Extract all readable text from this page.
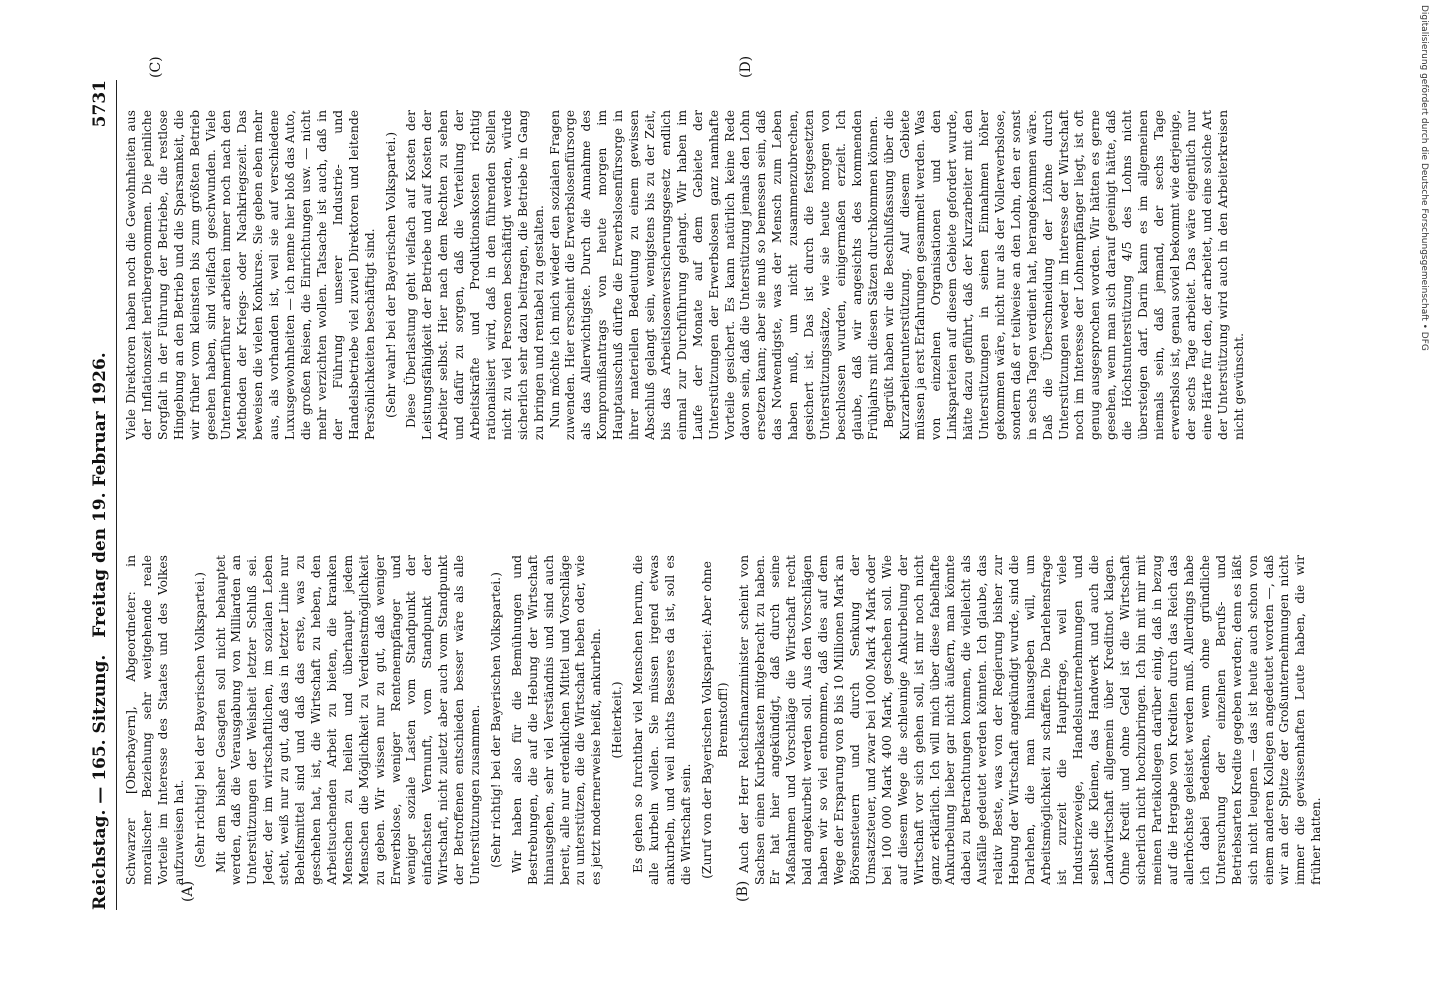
Reichstag. — 165. Sitzung.
Freitag den 19. Februar 1926.
5731
(A)	(B)
(C)	(D)

Schwarzer [Oberbayern], Abgeordneter: in moralischer Beziehung sehr weitgehende reale Vorteile im Interesse des Staates und des Volkes aufzuweisen hat. (Sehr richtig! bei der Bayerischen Volkspartei.) Mit dem bisher Gesagten soll nicht behauptet werden, daß die Verausgabung von Milliarden an Unterstützungen der Weisheit letzter Schluß sei. Jeder, der im wirtschaftlichen, im sozialen Leben steht, weiß nur zu gut, daß das in letzter Linie nur Behelfsmittel sind und daß das erste, was zu geschehen hat, ist, die Wirtschaft zu heben, den Arbeitsuchenden Arbeit zu bieten, die kranken Menschen zu heilen und überhaupt jedem Menschen die Möglichkeit zu Verdienstmöglichkeit zu geben. Wir wissen nur zu gut, daß weniger Erwerbslose, weniger Rentenempfänger und weniger soziale Lasten vom Standpunkt der einfachsten Vernunft, vom Standpunkt der Wirtschaft, nicht zuletzt aber auch vom Standpunkt der Betroffenen entschieden besser wäre als alle Unterstützungen zusammen. (Sehr richtig! bei der Bayerischen Volkspartei.) Wir haben also für die Bemühungen und Bestrebungen, die auf die Hebung der Wirtschaft hinausgehen, sehr viel Verständnis und sind auch bereit, alle nur erdenklichen Mittel und Vorschläge zu unterstützen, die die Wirtschaft heben oder, wie es jetzt modernerweise heißt, ankurbeln. (Heiterkeit.) Es gehen so furchtbar viel Menschen herum, die alle kurbeln wollen. Sie müssen irgend etwas ankurbeln, und weil nichts Besseres da ist, soll es die Wirtschaft sein. (Zuruf von der Bayerischen Volkspartei: Aber ohne Brennstoff!) Auch der Herr Reichsfinanzminister scheint von Sachsen einen Kurbelkasten mitgebracht zu haben. Er hat hier angekündigt, daß durch seine Maßnahmen und Vorschläge die Wirtschaft recht bald angekurbelt werden soll. Aus den Vorschlägen haben wir so viel entnommen, daß dies auf dem Wege der Ersparung von 8 bis 10 Millionen Mark an Börsensteuern und durch Senkung der Umsatzsteuer, und zwar bei 1000 Mark 4 Mark oder bei 100 000 Mark 400 Mark, geschehen soll. Wie auf diesem Wege die schleunige Ankurbelung der Wirtschaft vor sich gehen soll, ist mir noch nicht ganz erklärlich. Ich will mich über diese fabelhafte Ankurbelung lieber gar nicht äußern, man könnte dabei zu Betrachtungen kommen, die vielleicht als Ausfälle gedeutet werden könnten. Ich glaube, das relativ Beste, was von der Regierung bisher zur Hebung der Wirtschaft angekündigt wurde, sind die Darlehen, die man hinausgeben will, um Arbeitsmöglichkeit zu schaffen. Die Darlehensfrage ist zurzeit die Hauptfrage, weil viele Industriezweige, Handelsunternehmungen und selbst die Kleinen, das Handwerk und auch die Landwirtschaft allgemein über Kreditnot klagen. Ohne Kredit und ohne Geld ist die Wirtschaft sicherlich nicht hochzubringen. Ich bin mit mir mit meinen Parteikollegen darüber einig, daß in bezug auf die Hergabe von Krediten durch das Reich das allerhöchste geleistet werden muß. Allerdings habe ich dabei Bedenken, wenn ohne gründliche Untersuchung der einzelnen Berufs- und Betriebsarten Kredite gegeben werden; denn es läßt sich nicht leugnen — das ist heute auch schon von einem anderen Kollegen angedeutet worden —, daß wir an der Spitze der Großunternehmungen nicht immer die gewissenhaften Leute haben, die wir früher hatten.

Viele Direktoren haben noch die Gewohnheiten aus der Inflationszeit herübergenommen. Die peinliche Sorgfalt in der Führung der Betriebe, die restlose Hingebung an den Betrieb und die Sparsamkeit, die wir früher vom kleinsten bis zum größten Betrieb gesehen haben, sind vielfach geschwunden. Viele Unternehmerführer arbeiten immer noch nach den Methoden der Kriegs- oder Nachkriegszeit. Das beweisen die vielen Konkurse. Sie geben eben mehr aus, als vorhanden ist, weil sie auf verschiedene Luxusgewohnheiten — ich nenne hier bloß das Auto, die großen Reisen, die Einrichtungen usw. — nicht mehr verzichten wollen. Tatsache ist auch, daß in der Führung unserer Industrie- und Handelsbetriebe viel zuviel Direktoren und leitende Persönlichkeiten beschäftigt sind. (Sehr wahr! bei der Bayerischen Volkspartei.) Diese Überlastung geht vielfach auf Kosten der Leistungsfähigkeit der Betriebe und auf Kosten der Arbeiter selbst. Hier nach dem Rechten zu sehen und dafür zu sorgen, daß die Verteilung der Arbeitskräfte und Produktionskosten richtig rationalisiert wird, daß in den führenden Stellen nicht zu viel Personen beschäftigt werden, würde sicherlich sehr dazu beitragen, die Betriebe in Gang zu bringen und rentabel zu gestalten. Nun möchte ich mich wieder den sozialen Fragen zuwenden. Hier erscheint die Erwerbslosenfürsorge als das Allerwichtigste. Durch die Annahme des Kompromißantrags von heute morgen im Hauptausschuß dürfte die Erwerbslosenfürsorge in ihrer materiellen Bedeutung zu einem gewissen Abschluß gelangt sein, wenigstens bis zu der Zeit, bis das Arbeitslosenversicherungsgesetz endlich einmal zur Durchführung gelangt. Wir haben im Laufe der Monate auf dem Gebiete der Unterstützungen der Erwerbslosen ganz namhafte Vorteile gesichert. Es kann natürlich keine Rede davon sein, daß die Unterstützung jemals den Lohn ersetzen kann; aber sie muß so bemessen sein, daß das Notwendigste, was der Mensch zum Leben haben muß, um nicht zusammenzubrechen, gesichert ist. Das ist durch die festgesetzten Unterstützungssätze, wie sie heute morgen von beschlossen wurden, einigermaßen erzielt. Ich glaube, daß wir angesichts des kommenden Frühjahrs mit diesen Sätzen durchkommen können. Begrüßt haben wir die Beschlußfassung über die Kurzarbeiterunterstützung. Auf diesem Gebiete müssen ja erst Erfahrungen gesammelt werden. Was von einzelnen Organisationen und den Linksparteien auf diesem Gebiete gefordert wurde, hätte dazu geführt, daß der Kurzarbeiter mit den Unterstützungen in seinen Einnahmen höher gekommen wäre, nicht nur als der Vollerwerbslose, sondern daß er teilweise an den Lohn, den er sonst in sechs Tagen verdient hat, herangekommen wäre. Daß die Überschneidung der Löhne durch Unterstützungen weder im Interesse der Wirtschaft noch im Interesse der Lohnempfänger liegt, ist oft genug ausgesprochen worden. Wir hätten es gerne gesehen, wenn man sich darauf geeinigt hätte, daß die Höchstunterstützung 4/5 des Lohns nicht übersteigen darf. Darin kann es im allgemeinen niemals sein, daß jemand, der sechs Tage erwerbslos ist, genau soviel bekommt wie derjenige, der sechs Tage arbeitet. Das wäre eigentlich nur eine Härte für den, der arbeitet, und eine solche Art der Unterstützung wird auch in den Arbeiterkreisen nicht gewünscht.

Digitalisierung gefördert durch die Deutsche Forschungsgemeinschaft • DFG
